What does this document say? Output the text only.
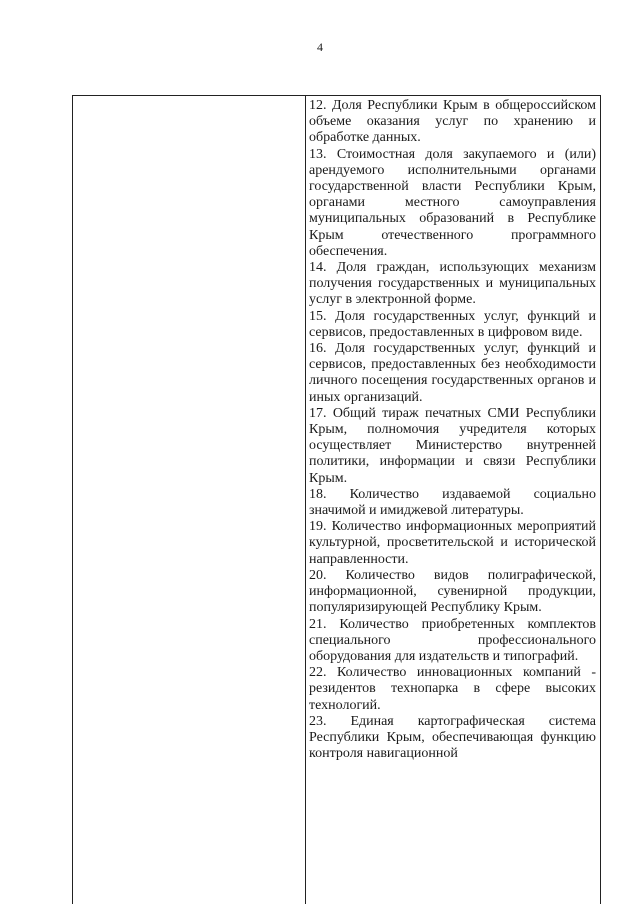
4

12. Доля Республики Крым в общероссийском объеме оказания услуг по хранению и обработке данных.

13. Стоимостная доля закупаемого и (или) арендуемого исполнительными органами государственной власти Республики Крым, органами местного самоуправления муниципальных образований в Республике Крым отечественного программного обеспечения.

14. Доля граждан, использующих механизм получения государственных и муниципальных услуг в электронной форме.

15. Доля государственных услуг, функций и сервисов, предоставленных в цифровом виде.

16. Доля государственных услуг, функций и сервисов, предоставленных без необходимости личного посещения государственных органов и иных организаций.

17. Общий тираж печатных СМИ Республики Крым, полномочия учредителя которых осуществляет Министерство внутренней политики, информации и связи Республики Крым.

18. Количество издаваемой социально значимой и имиджевой литературы.

19. Количество информационных мероприятий культурной, просветительской и исторической направленности.

20. Количество видов полиграфической, информационной, сувенирной продукции, популяризирующей Республику Крым.

21. Количество приобретенных комплектов специального профессионального оборудования для издательств и типографий.

22. Количество инновационных компаний - резидентов технопарка в сфере высоких технологий.

23. Единая картографическая система Республики Крым, обеспечивающая функцию контроля навигационной
